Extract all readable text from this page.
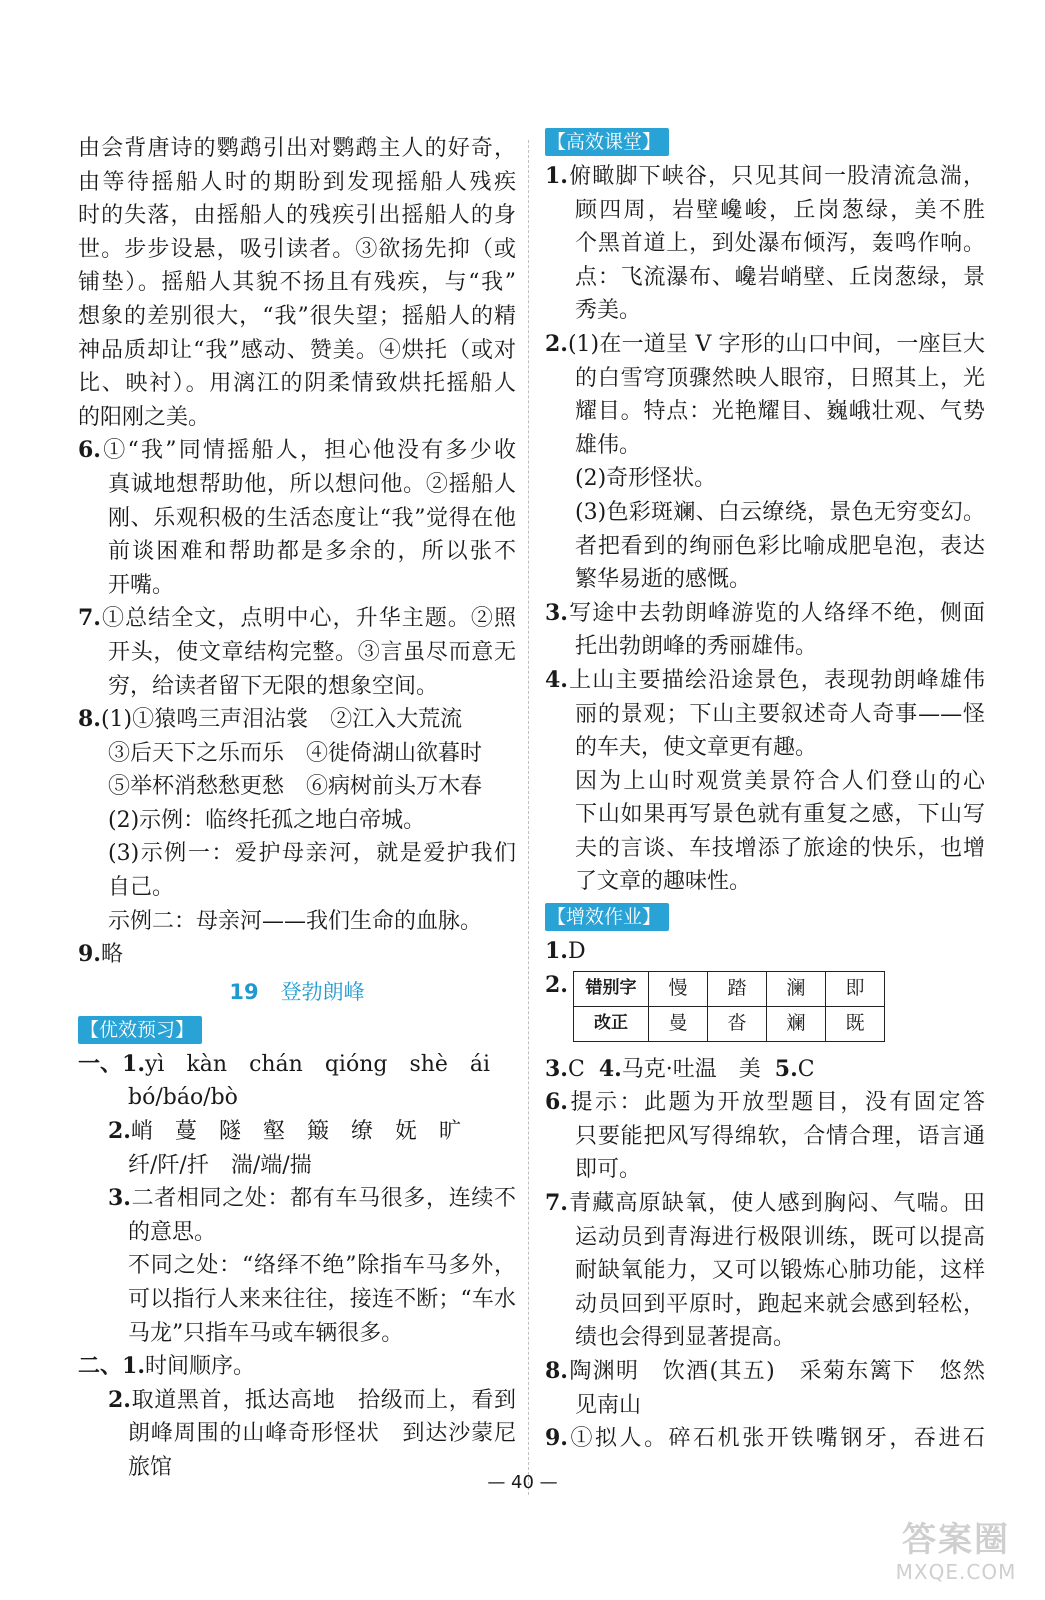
由会背唐诗的鹦鹉引出对鹦鹉主人的好奇，
由等待摇船人时的期盼到发现摇船人残疾
时的失落，由摇船人的残疾引出摇船人的身
世。步步设悬，吸引读者。③欲扬先抑（或
铺垫）。摇船人其貌不扬且有残疾，与“我”
想象的差别很大，“我”很失望；摇船人的精
神品质却让“我”感动、赞美。④烘托（或对
比、映衬）。用漓江的阴柔情致烘托摇船人
的阳刚之美。
6.①“我”同情摇船人，担心他没有多少收
真诚地想帮助他，所以想问他。②摇船人
刚、乐观积极的生活态度让“我”觉得在他
前谈困难和帮助都是多余的，所以张不
开嘴。
7.①总结全文，点明中心，升华主题。②照
开头，使文章结构完整。③言虽尽而意无
穷，给读者留下无限的想象空间。
8.(1)①猿鸣三声泪沾裳　②江入大荒流
③后天下之乐而乐　④徙倚湖山欲暮时
⑤举杯消愁愁更愁　⑥病树前头万木春
(2)示例：临终托孤之地白帝城。
(3)示例一：爱护母亲河，就是爱护我们
自己。
示例二：母亲河——我们生命的血脉。
9.略
19 登勃朗峰
【优效预习】
一、1.yì　kàn　chán　qióng　shè　ái
bó/báo/bò
2.峭　蔓　隧　壑　簸　缭　妩　旷
纤/阡/扦　湍/端/揣
3.二者相同之处：都有车马很多，连续不
的意思。
不同之处：“络绎不绝”除指车马多外，
可以指行人来来往往，接连不断；“车水
马龙”只指车马或车辆很多。
二、1.时间顺序。
2.取道黑首，抵达高地　拾级而上，看到
朗峰周围的山峰奇形怪状　到达沙蒙尼
旅馆
【高效课堂】
1.俯瞰脚下峡谷，只见其间一股清流急湍，
顾四周，岩壁巉峻，丘岗葱绿，美不胜
个黑首道上，到处瀑布倾泻，轰鸣作响。
点：飞流瀑布、巉岩峭壁、丘岗葱绿，景
秀美。
2.(1)在一道呈 V 字形的山口中间，一座巨大
的白雪穹顶骤然映人眼帘，日照其上，光
耀目。特点：光艳耀目、巍峨壮观、气势
雄伟。
(2)奇形怪状。
(3)色彩斑斓、白云缭绕，景色无穷变幻。
者把看到的绚丽色彩比喻成肥皂泡，表达
繁华易逝的感慨。
3.写途中去勃朗峰游览的人络绎不绝，侧面
托出勃朗峰的秀丽雄伟。
4.上山主要描绘沿途景色，表现勃朗峰雄伟
丽的景观；下山主要叙述奇人奇事——怪
的车夫，使文章更有趣。
因为上山时观赏美景符合人们登山的心
下山如果再写景色就有重复之感，下山写
夫的言谈、车技增添了旅途的快乐，也增
了文章的趣味性。
【增效作业】
1.D
2. 错别字	慢	踏	澜	即
改正	曼	沓	斓	既
3.C 4.马克·吐温　美 5.C
6.提示：此题为开放型题目，没有固定答
只要能把风写得绵软，合情合理，语言通
即可。
7.青藏高原缺氧，使人感到胸闷、气喘。田
运动员到青海进行极限训练，既可以提高
耐缺氧能力，又可以锻炼心肺功能，这样
动员回到平原时，跑起来就会感到轻松，
绩也会得到显著提高。
8.陶渊明　饮酒(其五)　采菊东篱下　悠然
见南山
9.①拟人。碎石机张开铁嘴钢牙，吞进石
— 40 —
答案圈
MXQE.COM
